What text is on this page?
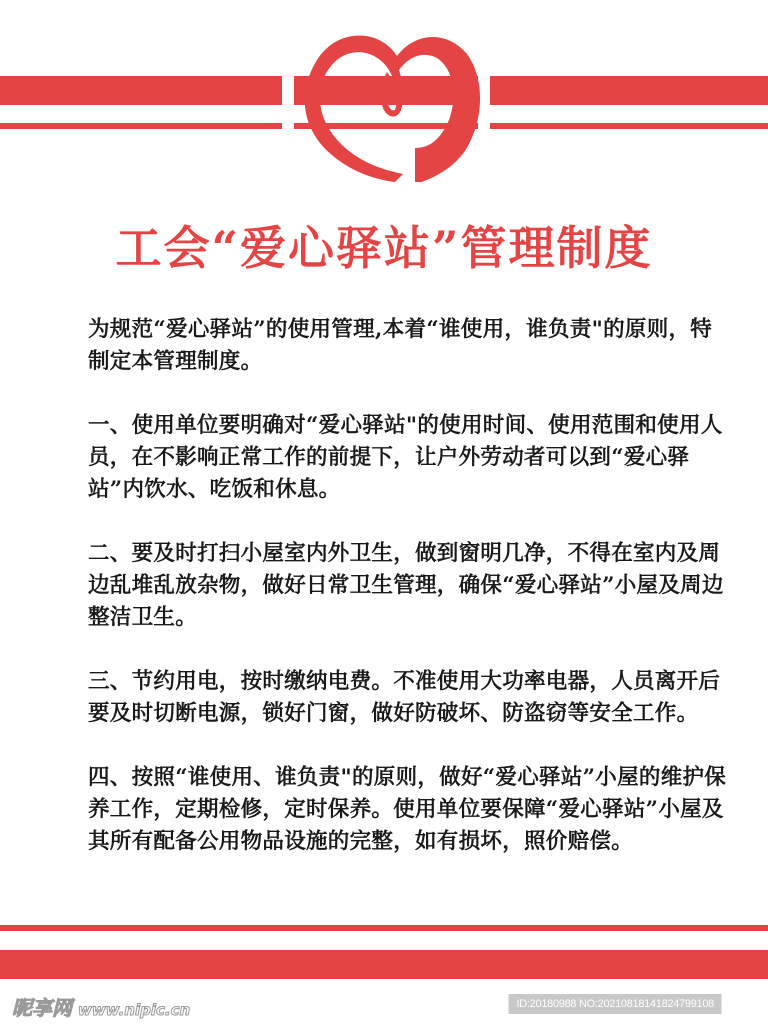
工会“爱心驿站”管理制度

为规范“爱心驿站”的使用管理,本着“谁使用，谁负责"的原则，特制定本管理制度。

一、使用单位要明确对“爱心驿站"的使用时间、使用范围和使用人员，在不影响正常工作的前提下，让户外劳动者可以到“爱心驿站”内饮水、吃饭和休息。

二、要及时打扫小屋室内外卫生，做到窗明几净，不得在室内及周边乱堆乱放杂物，做好日常卫生管理，确保“爱心驿站”小屋及周边整洁卫生。

三、节约用电，按时缴纳电费。不准使用大功率电器，人员离开后要及时切断电源，锁好门窗，做好防破坏、防盗窃等安全工作。

四、按照“谁使用、谁负责"的原则，做好“爱心驿站”小屋的维护保养工作，定期检修，定时保养。使用单位要保障“爱心驿站”小屋及其所有配备公用物品设施的完整，如有损坏，照价赔偿。

昵享网 www.nipic.cn	ID:20180988 NO:20210818141824799108
